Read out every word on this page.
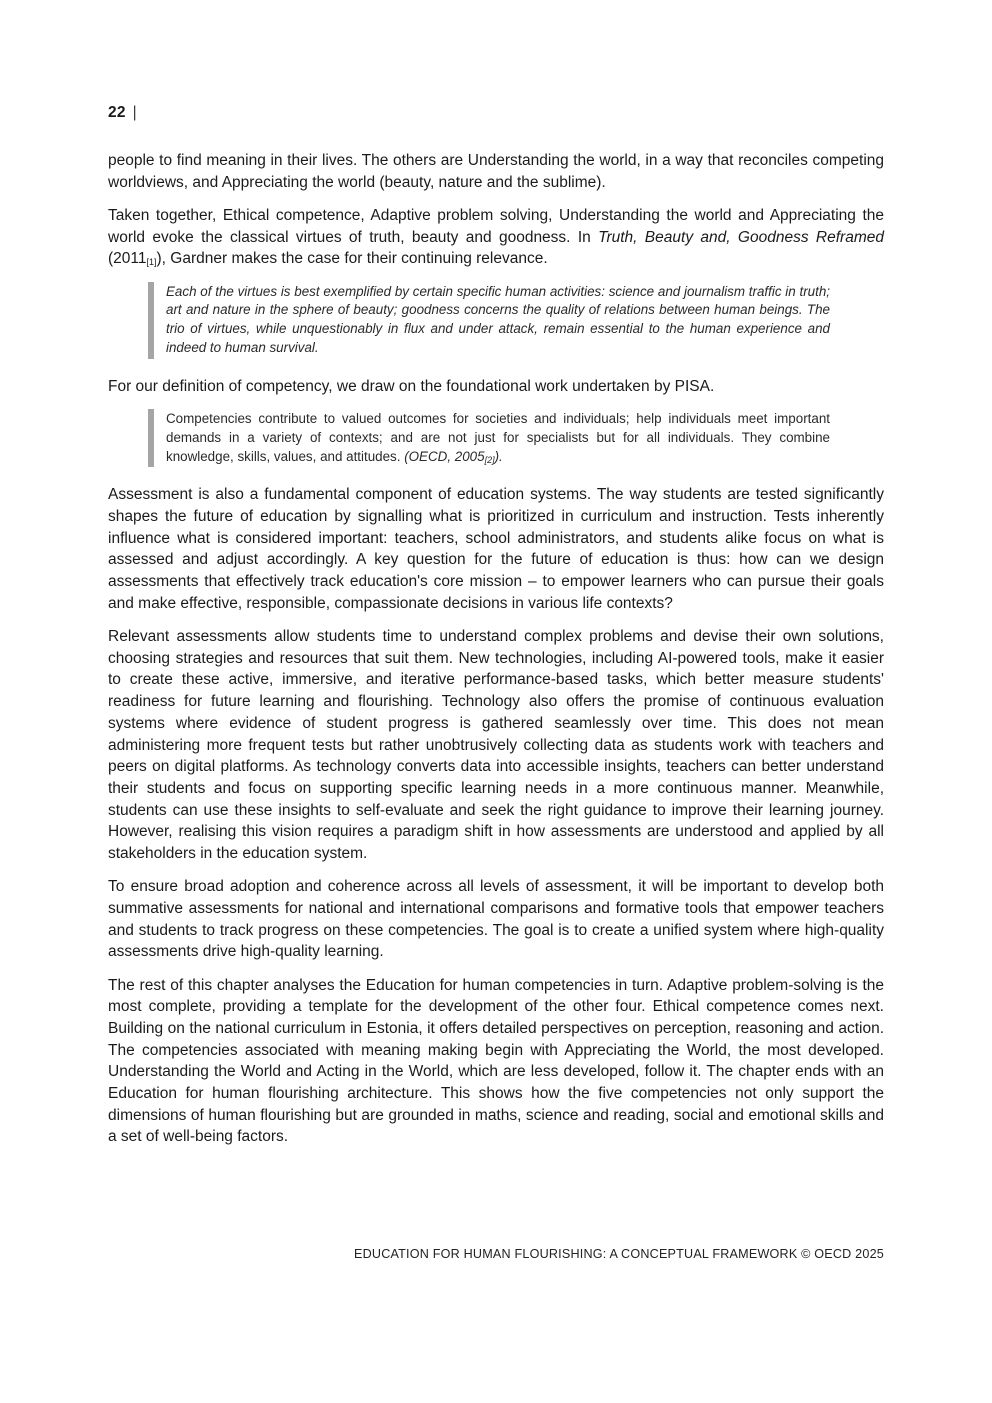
22 |

people to find meaning in their lives. The others are Understanding the world, in a way that reconciles competing worldviews, and Appreciating the world (beauty, nature and the sublime).

Taken together, Ethical competence, Adaptive problem solving, Understanding the world and Appreciating the world evoke the classical virtues of truth, beauty and goodness. In Truth, Beauty and, Goodness Reframed $(2011_{[1]})$, Gardner makes the case for their continuing relevance.

Each of the virtues is best exemplified by certain specific human activities: science and journalism traffic in truth; art and nature in the sphere of beauty; goodness concerns the quality of relations between human beings. The trio of virtues, while unquestionably in flux and under attack, remain essential to the human experience and indeed to human survival.

For our definition of competency, we draw on the foundational work undertaken by PISA.

Competencies contribute to valued outcomes for societies and individuals; help individuals meet important demands in a variety of contexts; and are not just for specialists but for all individuals. They combine knowledge, skills, values, and attitudes. (OECD, $2005_{[2]}$).

Assessment is also a fundamental component of education systems. The way students are tested significantly shapes the future of education by signalling what is prioritized in curriculum and instruction. Tests inherently influence what is considered important: teachers, school administrators, and students alike focus on what is assessed and adjust accordingly. A key question for the future of education is thus: how can we design assessments that effectively track education's core mission – to empower learners who can pursue their goals and make effective, responsible, compassionate decisions in various life contexts?

Relevant assessments allow students time to understand complex problems and devise their own solutions, choosing strategies and resources that suit them. New technologies, including AI-powered tools, make it easier to create these active, immersive, and iterative performance-based tasks, which better measure students' readiness for future learning and flourishing. Technology also offers the promise of continuous evaluation systems where evidence of student progress is gathered seamlessly over time. This does not mean administering more frequent tests but rather unobtrusively collecting data as students work with teachers and peers on digital platforms. As technology converts data into accessible insights, teachers can better understand their students and focus on supporting specific learning needs in a more continuous manner. Meanwhile, students can use these insights to self-evaluate and seek the right guidance to improve their learning journey. However, realising this vision requires a paradigm shift in how assessments are understood and applied by all stakeholders in the education system.

To ensure broad adoption and coherence across all levels of assessment, it will be important to develop both summative assessments for national and international comparisons and formative tools that empower teachers and students to track progress on these competencies. The goal is to create a unified system where high-quality assessments drive high-quality learning.

The rest of this chapter analyses the Education for human competencies in turn. Adaptive problem-solving is the most complete, providing a template for the development of the other four. Ethical competence comes next. Building on the national curriculum in Estonia, it offers detailed perspectives on perception, reasoning and action. The competencies associated with meaning making begin with Appreciating the World, the most developed. Understanding the World and Acting in the World, which are less developed, follow it. The chapter ends with an Education for human flourishing architecture. This shows how the five competencies not only support the dimensions of human flourishing but are grounded in maths, science and reading, social and emotional skills and a set of well-being factors.

EDUCATION FOR HUMAN FLOURISHING: A CONCEPTUAL FRAMEWORK © OECD 2025
